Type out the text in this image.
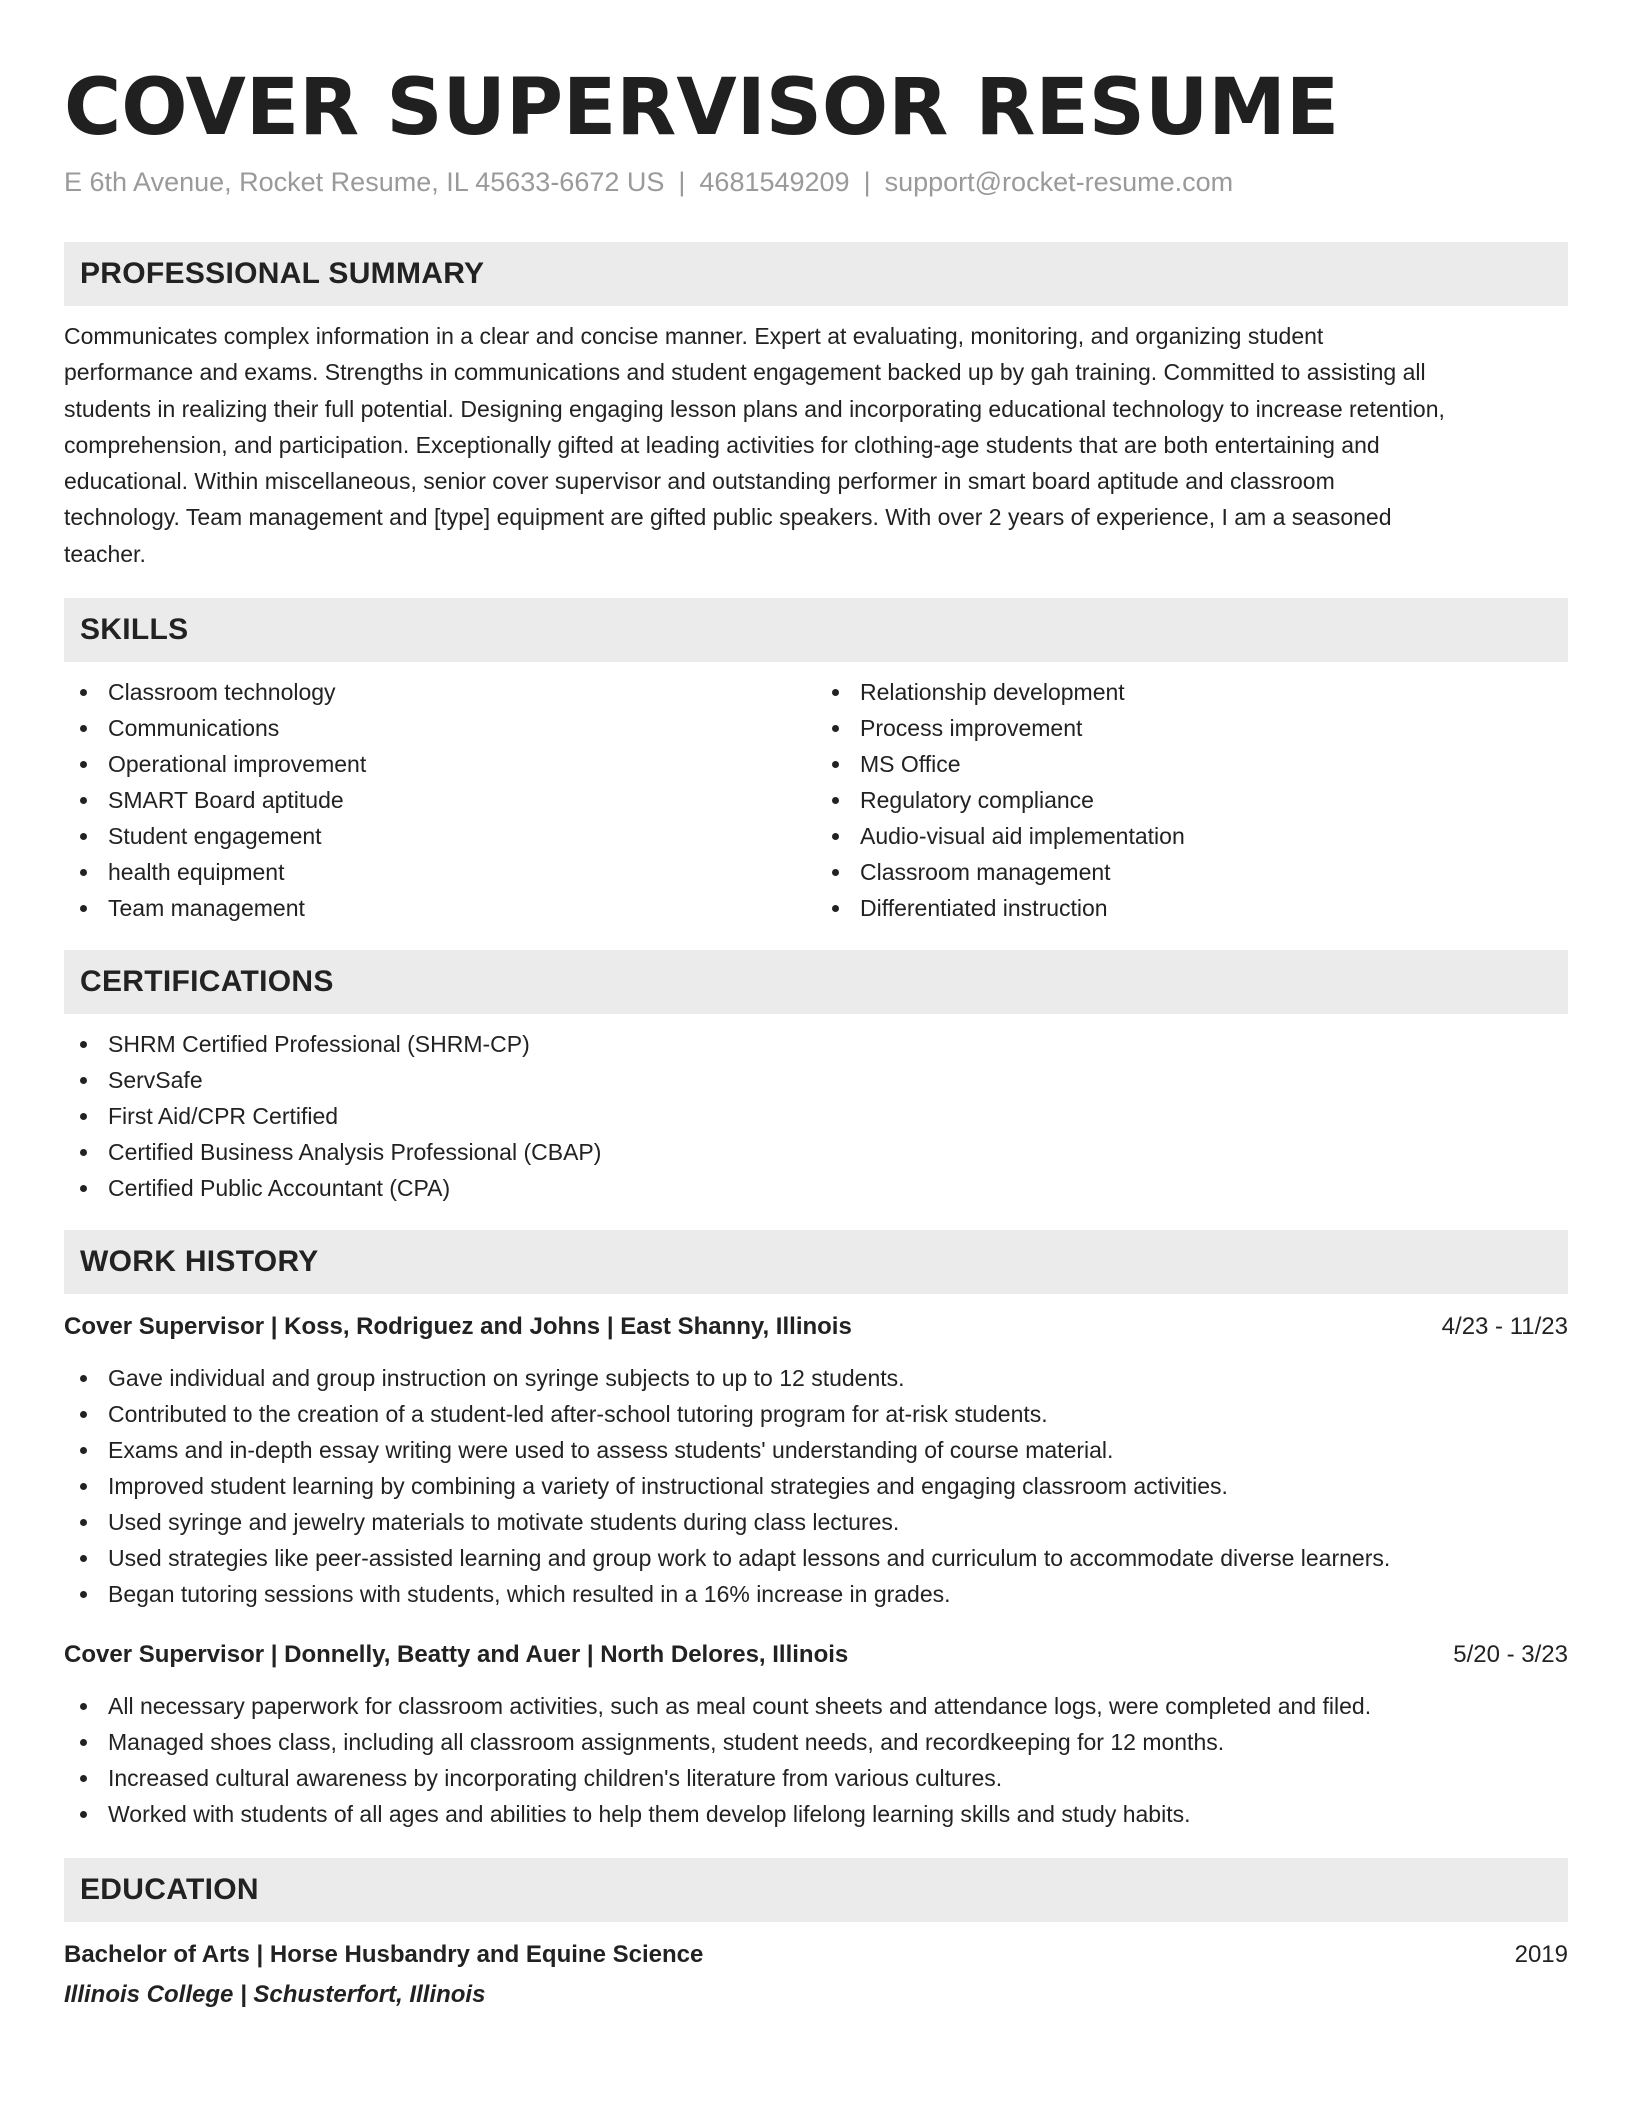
COVER SUPERVISOR RESUME
E 6th Avenue, Rocket Resume, IL 45633-6672 US | 4681549209 | support@rocket-resume.com
PROFESSIONAL SUMMARY
Communicates complex information in a clear and concise manner. Expert at evaluating, monitoring, and organizing student
performance and exams. Strengths in communications and student engagement backed up by gah training. Committed to assisting all
students in realizing their full potential. Designing engaging lesson plans and incorporating educational technology to increase retention,
comprehension, and participation. Exceptionally gifted at leading activities for clothing-age students that are both entertaining and
educational. Within miscellaneous, senior cover supervisor and outstanding performer in smart board aptitude and classroom
technology. Team management and [type] equipment are gifted public speakers. With over 2 years of experience, I am a seasoned
teacher.
SKILLS
Classroom technology
Communications
Operational improvement
SMART Board aptitude
Student engagement
health equipment
Team management
Relationship development
Process improvement
MS Office
Regulatory compliance
Audio-visual aid implementation
Classroom management
Differentiated instruction
CERTIFICATIONS
SHRM Certified Professional (SHRM-CP)
ServSafe
First Aid/CPR Certified
Certified Business Analysis Professional (CBAP)
Certified Public Accountant (CPA)
WORK HISTORY
Cover Supervisor | Koss, Rodriguez and Johns | East Shanny, Illinois	4/23 - 11/23
Gave individual and group instruction on syringe subjects to up to 12 students.
Contributed to the creation of a student-led after-school tutoring program for at-risk students.
Exams and in-depth essay writing were used to assess students' understanding of course material.
Improved student learning by combining a variety of instructional strategies and engaging classroom activities.
Used syringe and jewelry materials to motivate students during class lectures.
Used strategies like peer-assisted learning and group work to adapt lessons and curriculum to accommodate diverse learners.
Began tutoring sessions with students, which resulted in a 16% increase in grades.
Cover Supervisor | Donnelly, Beatty and Auer | North Delores, Illinois	5/20 - 3/23
All necessary paperwork for classroom activities, such as meal count sheets and attendance logs, were completed and filed.
Managed shoes class, including all classroom assignments, student needs, and recordkeeping for 12 months.
Increased cultural awareness by incorporating children's literature from various cultures.
Worked with students of all ages and abilities to help them develop lifelong learning skills and study habits.
EDUCATION
Bachelor of Arts | Horse Husbandry and Equine Science	2019
Illinois College | Schusterfort, Illinois
